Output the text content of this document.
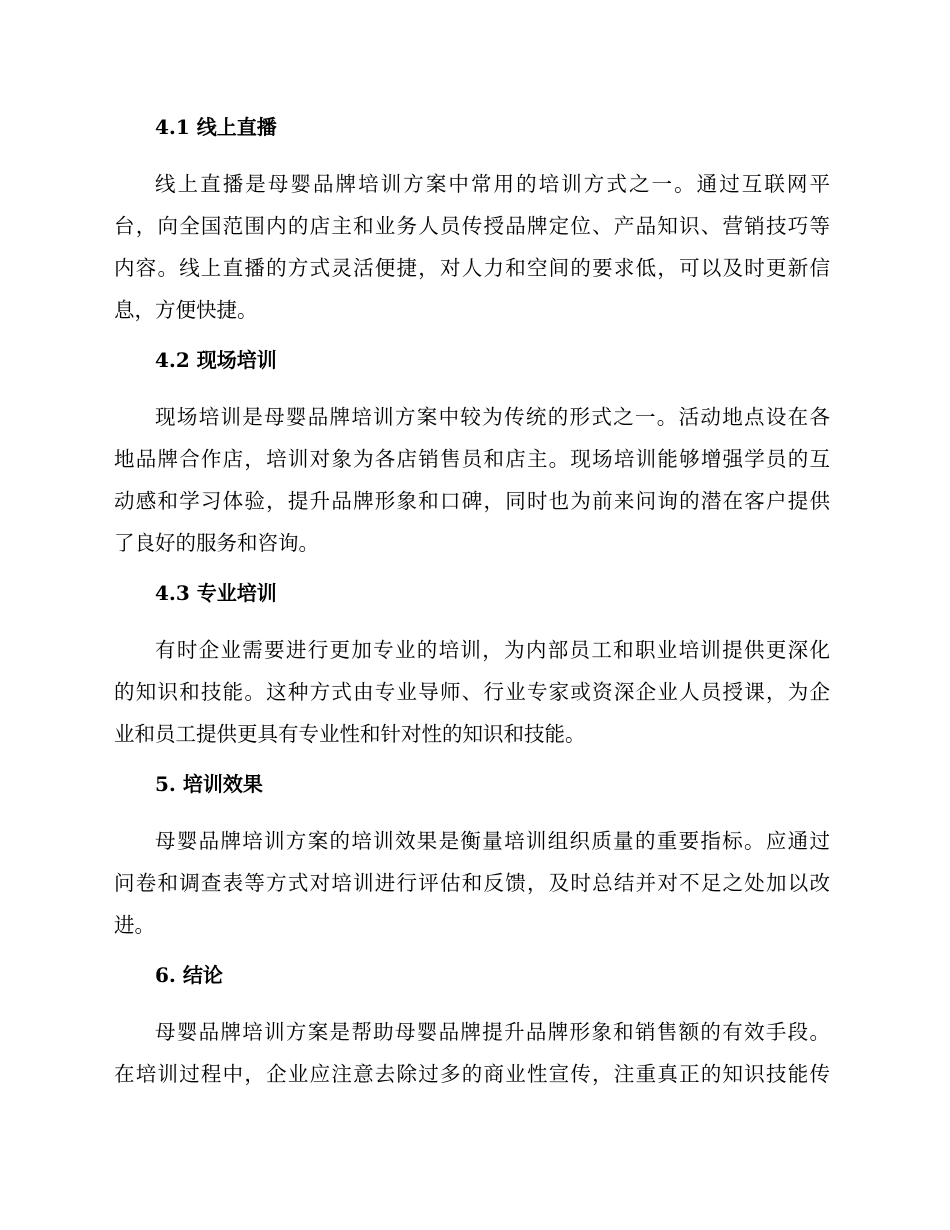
4.1 线上直播
线上直播是母婴品牌培训方案中常用的培训方式之一。通过互联网平
台，向全国范围内的店主和业务人员传授品牌定位、产品知识、营销技巧等
内容。线上直播的方式灵活便捷，对人力和空间的要求低，可以及时更新信
息，方便快捷。
4.2 现场培训
现场培训是母婴品牌培训方案中较为传统的形式之一。活动地点设在各
地品牌合作店，培训对象为各店销售员和店主。现场培训能够增强学员的互
动感和学习体验，提升品牌形象和口碑，同时也为前来问询的潜在客户提供
了良好的服务和咨询。
4.3 专业培训
有时企业需要进行更加专业的培训，为内部员工和职业培训提供更深化
的知识和技能。这种方式由专业导师、行业专家或资深企业人员授课，为企
业和员工提供更具有专业性和针对性的知识和技能。
5. 培训效果
母婴品牌培训方案的培训效果是衡量培训组织质量的重要指标。应通过
问卷和调查表等方式对培训进行评估和反馈，及时总结并对不足之处加以改
进。
6. 结论
母婴品牌培训方案是帮助母婴品牌提升品牌形象和销售额的有效手段。
在培训过程中，企业应注意去除过多的商业性宣传，注重真正的知识技能传
